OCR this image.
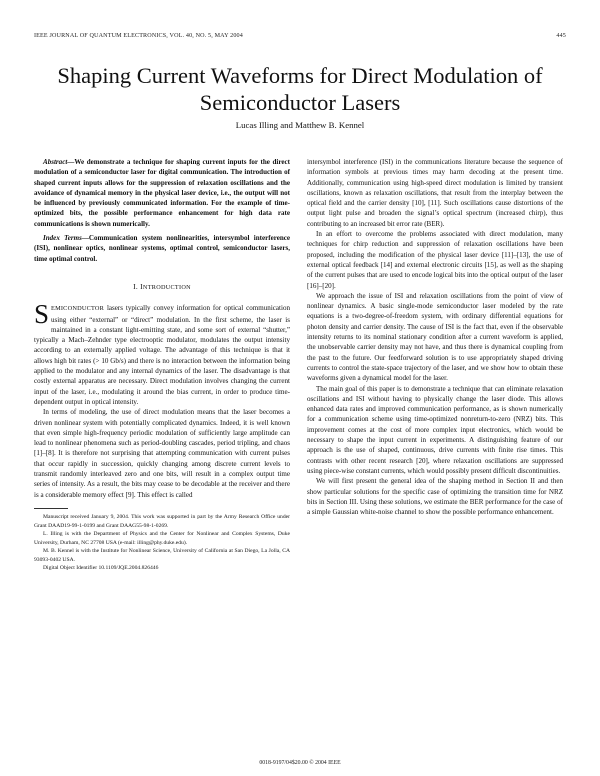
IEEE JOURNAL OF QUANTUM ELECTRONICS, VOL. 40, NO. 5, MAY 2004	445
Shaping Current Waveforms for Direct Modulation of Semiconductor Lasers
Lucas Illing and Matthew B. Kennel

Abstract—We demonstrate a technique for shaping current inputs for the direct modulation of a semiconductor laser for digital communication. The introduction of shaped current inputs allows for the suppression of relaxation oscillations and the avoidance of dynamical memory in the physical laser device, i.e., the output will not be influenced by previously communicated information. For the example of time-optimized bits, the possible performance enhancement for high data rate communications is shown numerically.

Index Terms—Communication system nonlinearities, intersymbol interference (ISI), nonlinear optics, nonlinear systems, optimal control, semiconductor lasers, time optimal control.

I. INTRODUCTION

SEMICONDUCTOR lasers typically convey information for optical communication using either “external” or “direct” modulation. In the first scheme, the laser is maintained in a constant light-emitting state, and some sort of external “shutter,” typically a Mach–Zehnder type electrooptic modulator, modulates the output intensity according to an externally applied voltage. The advantage of this technique is that it allows high bit rates (> 10 Gb/s) and there is no interaction between the information being applied to the modulator and any internal dynamics of the laser. The disadvantage is that costly external apparatus are necessary. Direct modulation involves changing the current input of the laser, i.e., modulating it around the bias current, in order to produce time-dependent output in optical intensity.

In terms of modeling, the use of direct modulation means that the laser becomes a driven nonlinear system with potentially complicated dynamics. Indeed, it is well known that even simple high-frequency periodic modulation of sufficiently large amplitude can lead to nonlinear phenomena such as period-doubling cascades, period tripling, and chaos [1]–[8]. It is therefore not surprising that attempting communication with current pulses that occur rapidly in succession, quickly changing among discrete current levels to transmit randomly interleaved zero and one bits, will result in a complex output time series of intensity. As a result, the bits may cease to be decodable at the receiver and there is a considerable memory effect [9]. This effect is called

Manuscript received January 9, 2004. This work was supported in part by the Army Research Office under Grant DAAD19-99-1-0199 and Grant DAAG55-98-1-0269.

L. Illing is with the Department of Physics and the Center for Nonlinear and Complex Systems, Duke University, Durham, NC 27708 USA (e-mail: illing@phy.duke.edu).

M. B. Kennel is with the Institute for Nonlinear Science, University of California at San Diego, La Jolla, CA 93093-0402 USA.

Digital Object Identifier 10.1109/JQE.2004.826446

intersymbol interference (ISI) in the communications literature because the sequence of information symbols at previous times may harm decoding at the present time. Additionally, communication using high-speed direct modulation is limited by transient oscillations, known as relaxation oscillations, that result from the interplay between the optical field and the carrier density [10], [11]. Such oscillations cause distortions of the output light pulse and broaden the signal’s optical spectrum (increased chirp), thus contributing to an increased bit error rate (BER).

In an effort to overcome the problems associated with direct modulation, many techniques for chirp reduction and suppression of relaxation oscillations have been proposed, including the modification of the physical laser device [11]–[13], the use of external optical feedback [14] and external electronic circuits [15], as well as the shaping of the current pulses that are used to encode logical bits into the optical output of the laser [16]–[20].

We approach the issue of ISI and relaxation oscillations from the point of view of nonlinear dynamics. A basic single-mode semiconductor laser modeled by the rate equations is a two-degree-of-freedom system, with ordinary differential equations for photon density and carrier density. The cause of ISI is the fact that, even if the observable intensity returns to its nominal stationary condition after a current waveform is applied, the unobservable carrier density may not have, and thus there is dynamical coupling from the past to the future. Our feedforward solution is to use appropriately shaped driving currents to control the state-space trajectory of the laser, and we show how to obtain these waveforms given a dynamical model for the laser.

The main goal of this paper is to demonstrate a technique that can eliminate relaxation oscillations and ISI without having to physically change the laser diode. This allows enhanced data rates and improved communication performance, as is shown numerically for a communication scheme using time-optimized nonreturn-to-zero (NRZ) bits. This improvement comes at the cost of more complex input electronics, which would be necessary to shape the input current in experiments. A distinguishing feature of our approach is the use of shaped, continuous, drive currents with finite rise times. This contrasts with other recent research [20], where relaxation oscillations are suppressed using piece-wise constant currents, which would possibly present difficult discontinuities.

We will first present the general idea of the shaping method in Section II and then show particular solutions for the specific case of optimizing the transition time for NRZ bits in Section III. Using these solutions, we estimate the BER performance for the case of a simple Gaussian white-noise channel to show the possible performance enhancement.

0018-9197/04$20.00 © 2004 IEEE
